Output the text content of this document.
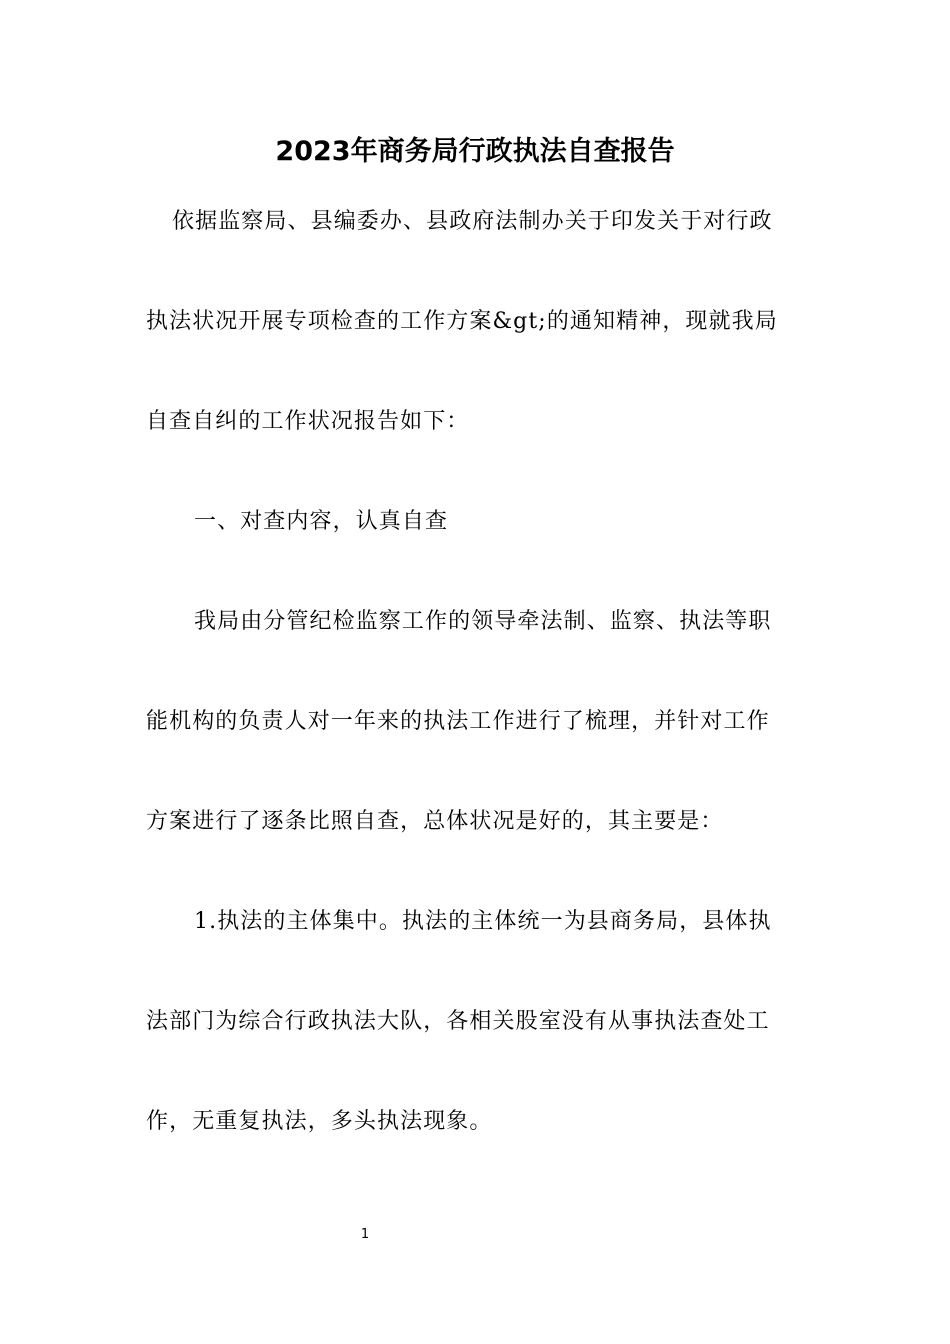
2023年商务局行政执法自查报告
依据监察局、县编委办、县政府法制办关于印发关于对行政
执法状况开展专项检查的工作方案&gt;的通知精神，现就我局
自查自纠的工作状况报告如下：
一、对查内容，认真自查
我局由分管纪检监察工作的领导牵法制、监察、执法等职
能机构的负责人对一年来的执法工作进行了梳理，并针对工作
方案进行了逐条比照自查，总体状况是好的，其主要是：
1.执法的主体集中。执法的主体统一为县商务局，县体执
法部门为综合行政执法大队，各相关股室没有从事执法查处工
作，无重复执法，多头执法现象。
1
